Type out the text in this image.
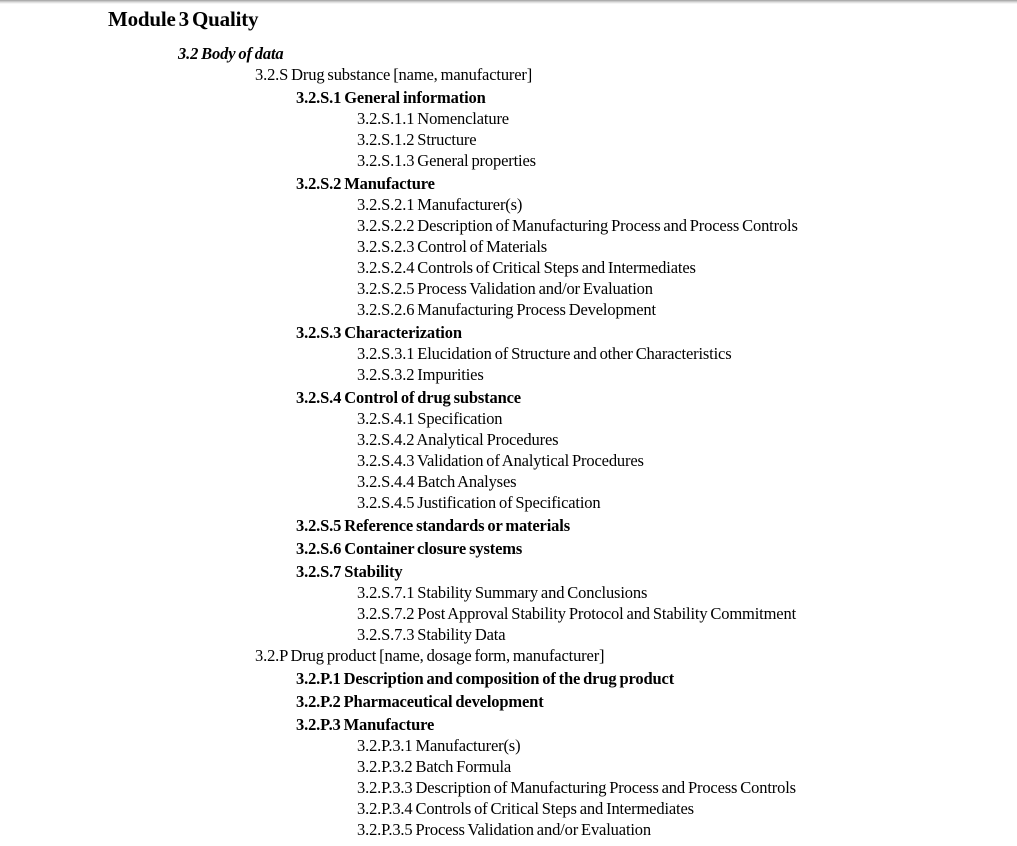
Module 3 Quality
3.2 Body of data
3.2.S Drug substance [name, manufacturer]
3.2.S.1 General information
3.2.S.1.1 Nomenclature
3.2.S.1.2 Structure
3.2.S.1.3 General properties
3.2.S.2 Manufacture
3.2.S.2.1 Manufacturer(s)
3.2.S.2.2 Description of Manufacturing Process and Process Controls
3.2.S.2.3 Control of Materials
3.2.S.2.4 Controls of Critical Steps and Intermediates
3.2.S.2.5 Process Validation and/or Evaluation
3.2.S.2.6 Manufacturing Process Development
3.2.S.3 Characterization
3.2.S.3.1 Elucidation of Structure and other Characteristics
3.2.S.3.2 Impurities
3.2.S.4 Control of drug substance
3.2.S.4.1 Specification
3.2.S.4.2 Analytical Procedures
3.2.S.4.3 Validation of Analytical Procedures
3.2.S.4.4 Batch Analyses
3.2.S.4.5 Justification of Specification
3.2.S.5 Reference standards or materials
3.2.S.6 Container closure systems
3.2.S.7 Stability
3.2.S.7.1 Stability Summary and Conclusions
3.2.S.7.2 Post Approval Stability Protocol and Stability Commitment
3.2.S.7.3 Stability Data
3.2.P Drug product [name, dosage form, manufacturer]
3.2.P.1 Description and composition of the drug product
3.2.P.2 Pharmaceutical development
3.2.P.3 Manufacture
3.2.P.3.1 Manufacturer(s)
3.2.P.3.2 Batch Formula
3.2.P.3.3 Description of Manufacturing Process and Process Controls
3.2.P.3.4 Controls of Critical Steps and Intermediates
3.2.P.3.5 Process Validation and/or Evaluation
